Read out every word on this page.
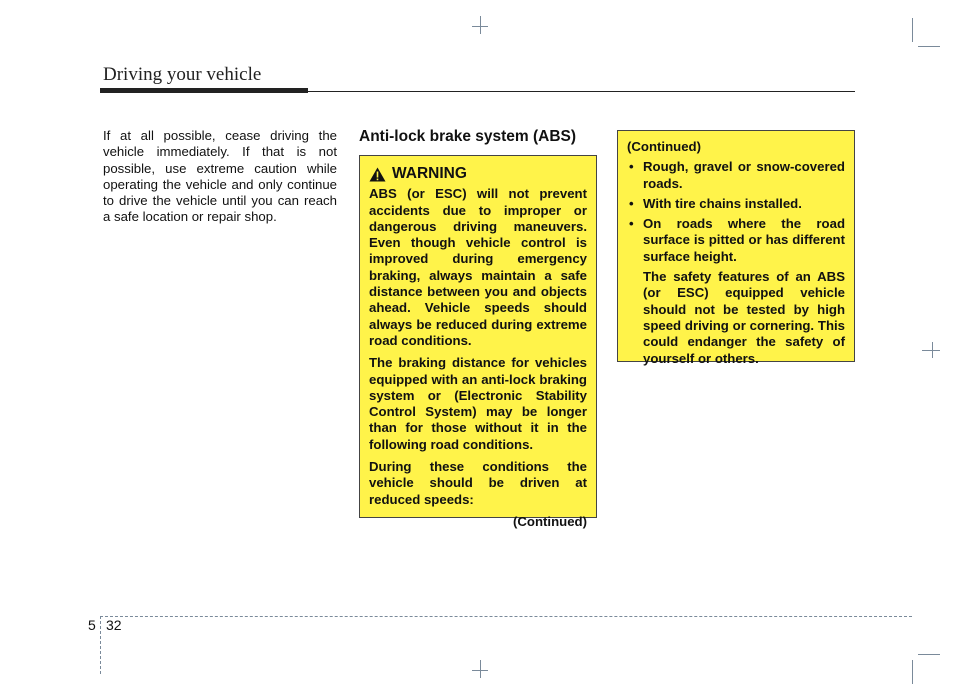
Driving your vehicle
If at all possible, cease driving the vehicle immediately. If that is not possible, use extreme caution while operating the vehicle and only continue to drive the vehicle until you can reach a safe location or repair shop.
Anti-lock brake system (ABS)
WARNING

ABS (or ESC) will not prevent accidents due to improper or dangerous driving maneuvers. Even though vehicle control is improved during emergency braking, always maintain a safe distance between you and objects ahead. Vehicle speeds should always be reduced during extreme road conditions.

The braking distance for vehicles equipped with an anti-lock braking system or (Electronic Stability Control System) may be longer than for those without it in the following road conditions.

During these conditions the vehicle should be driven at reduced speeds:

(Continued)

(Continued)

• Rough, gravel or snow-covered roads.
• With tire chains installed.
• On roads where the road surface is pitted or has different surface height.

The safety features of an ABS (or ESC) equipped vehicle should not be tested by high speed driving or cornering. This could endanger the safety of yourself or others.

5 32
